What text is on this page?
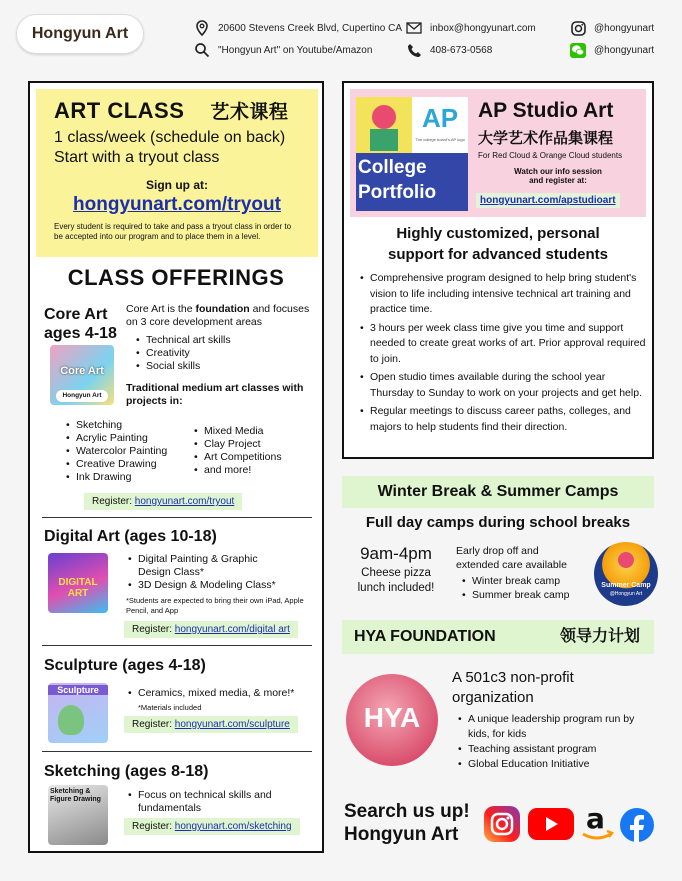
Hongyun Art	20600 Stevens Creek Blvd, Cupertino CA
"Hongyun Art" on Youtube/Amazon
inbox@hongyunart.com
408-673-0568
@hongyunart
@hongyunart
ART CLASS 艺术课程
1 class/week (schedule on back)
Start with a tryout class
Sign up at:
hongyunart.com/tryout
Every student is required to take and pass a tryout class in order to be accepted into our program and to place them in a level.
CLASS OFFERINGS
Core Art
ages 4-18
Core Art
Hongyun Art
Core Art is the foundation and focuses on 3 core development areas
• Technical art skills
• Creativity
• Social skills
Traditional medium art classes with projects in:
• Sketching
• Acrylic Painting
• Watercolor Painting
• Creative Drawing
• Ink Drawing
• Mixed Media
• Clay Project
• Art Competitions
• and more!
Register: hongyunart.com/tryout
Digital Art (ages 10-18)
DIGITAL ART
• Digital Painting & Graphic Design Class*
• 3D Design & Modeling Class*
*Students are expected to bring their own iPad, Apple Pencil, and App
Register: hongyunart.com/digital art
Sculpture (ages 4-18)
Sculpture	• Ceramics, mixed media, & more!*
*Materials included
Register: hongyunart.com/sculpture
Sketching (ages 8-18)
Sketching & Figure Drawing	• Focus on technical skills and fundamentals
Register: hongyunart.com/sketching
AP
The college board's AP logo
College
Portfolio
AP Studio Art
大学艺术作品集课程
For Red Cloud & Orange Cloud students
Watch our info session
and register at:
hongyunart.com/apstudioart
Highly customized, personal
support for advanced students
• Comprehensive program designed to help bring student's vision to life including intensive technical art training and practice time.
• 3 hours per week class time give you time and support needed to create great works of art. Prior approval required to join.
• Open studio times available during the school year Thursday to Sunday to work on your projects and get help.
• Regular meetings to discuss career paths, colleges, and majors to help students find their direction.
Winter Break & Summer Camps
Full day camps during school breaks
9am-4pm
Cheese pizza
lunch included!
Early drop off and
extended care available
• Winter break camp
• Summer break camp
Summer Camp
@Hongyun Art
HYA FOUNDATION	领导力计划
HYA
A 501c3 non-profit
organization
• A unique leadership program run by kids, for kids
• Teaching assistant program
• Global Education Initiative
Search us up!
Hongyun Art	a
